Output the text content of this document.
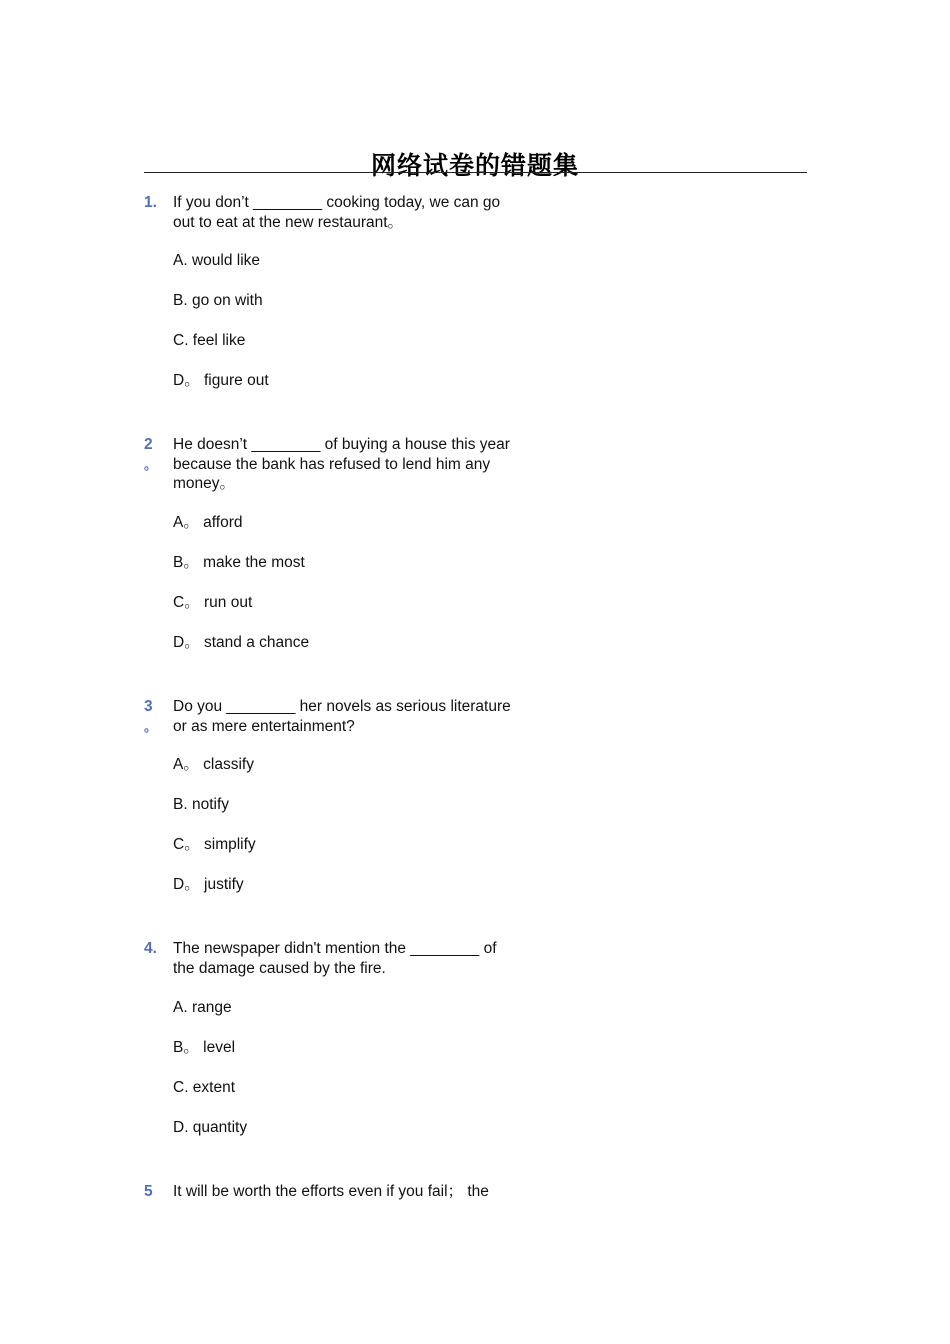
网络试卷的错题集
1.	If you don’t ________ cooking today, we can go
out to eat at the new restaurant。

A. would like
B. go on with
C. feel like
D。 figure out
2
。

He doesn’t ________ of buying a house this year
because the bank has refused to lend him any
money。

A。 afford
B。 make the most
C。 run out
D。 stand a chance
3
。

Do you ________ her novels as serious literature
or as mere entertainment?

A。 classify
B. notify
C。 simplify
D。 justify
4.	The newspaper didn't mention the ________ of
the damage caused by the fire.

A. range
B。 level
C. extent
D. quantity
5	It will be worth the efforts even if you fail； the
